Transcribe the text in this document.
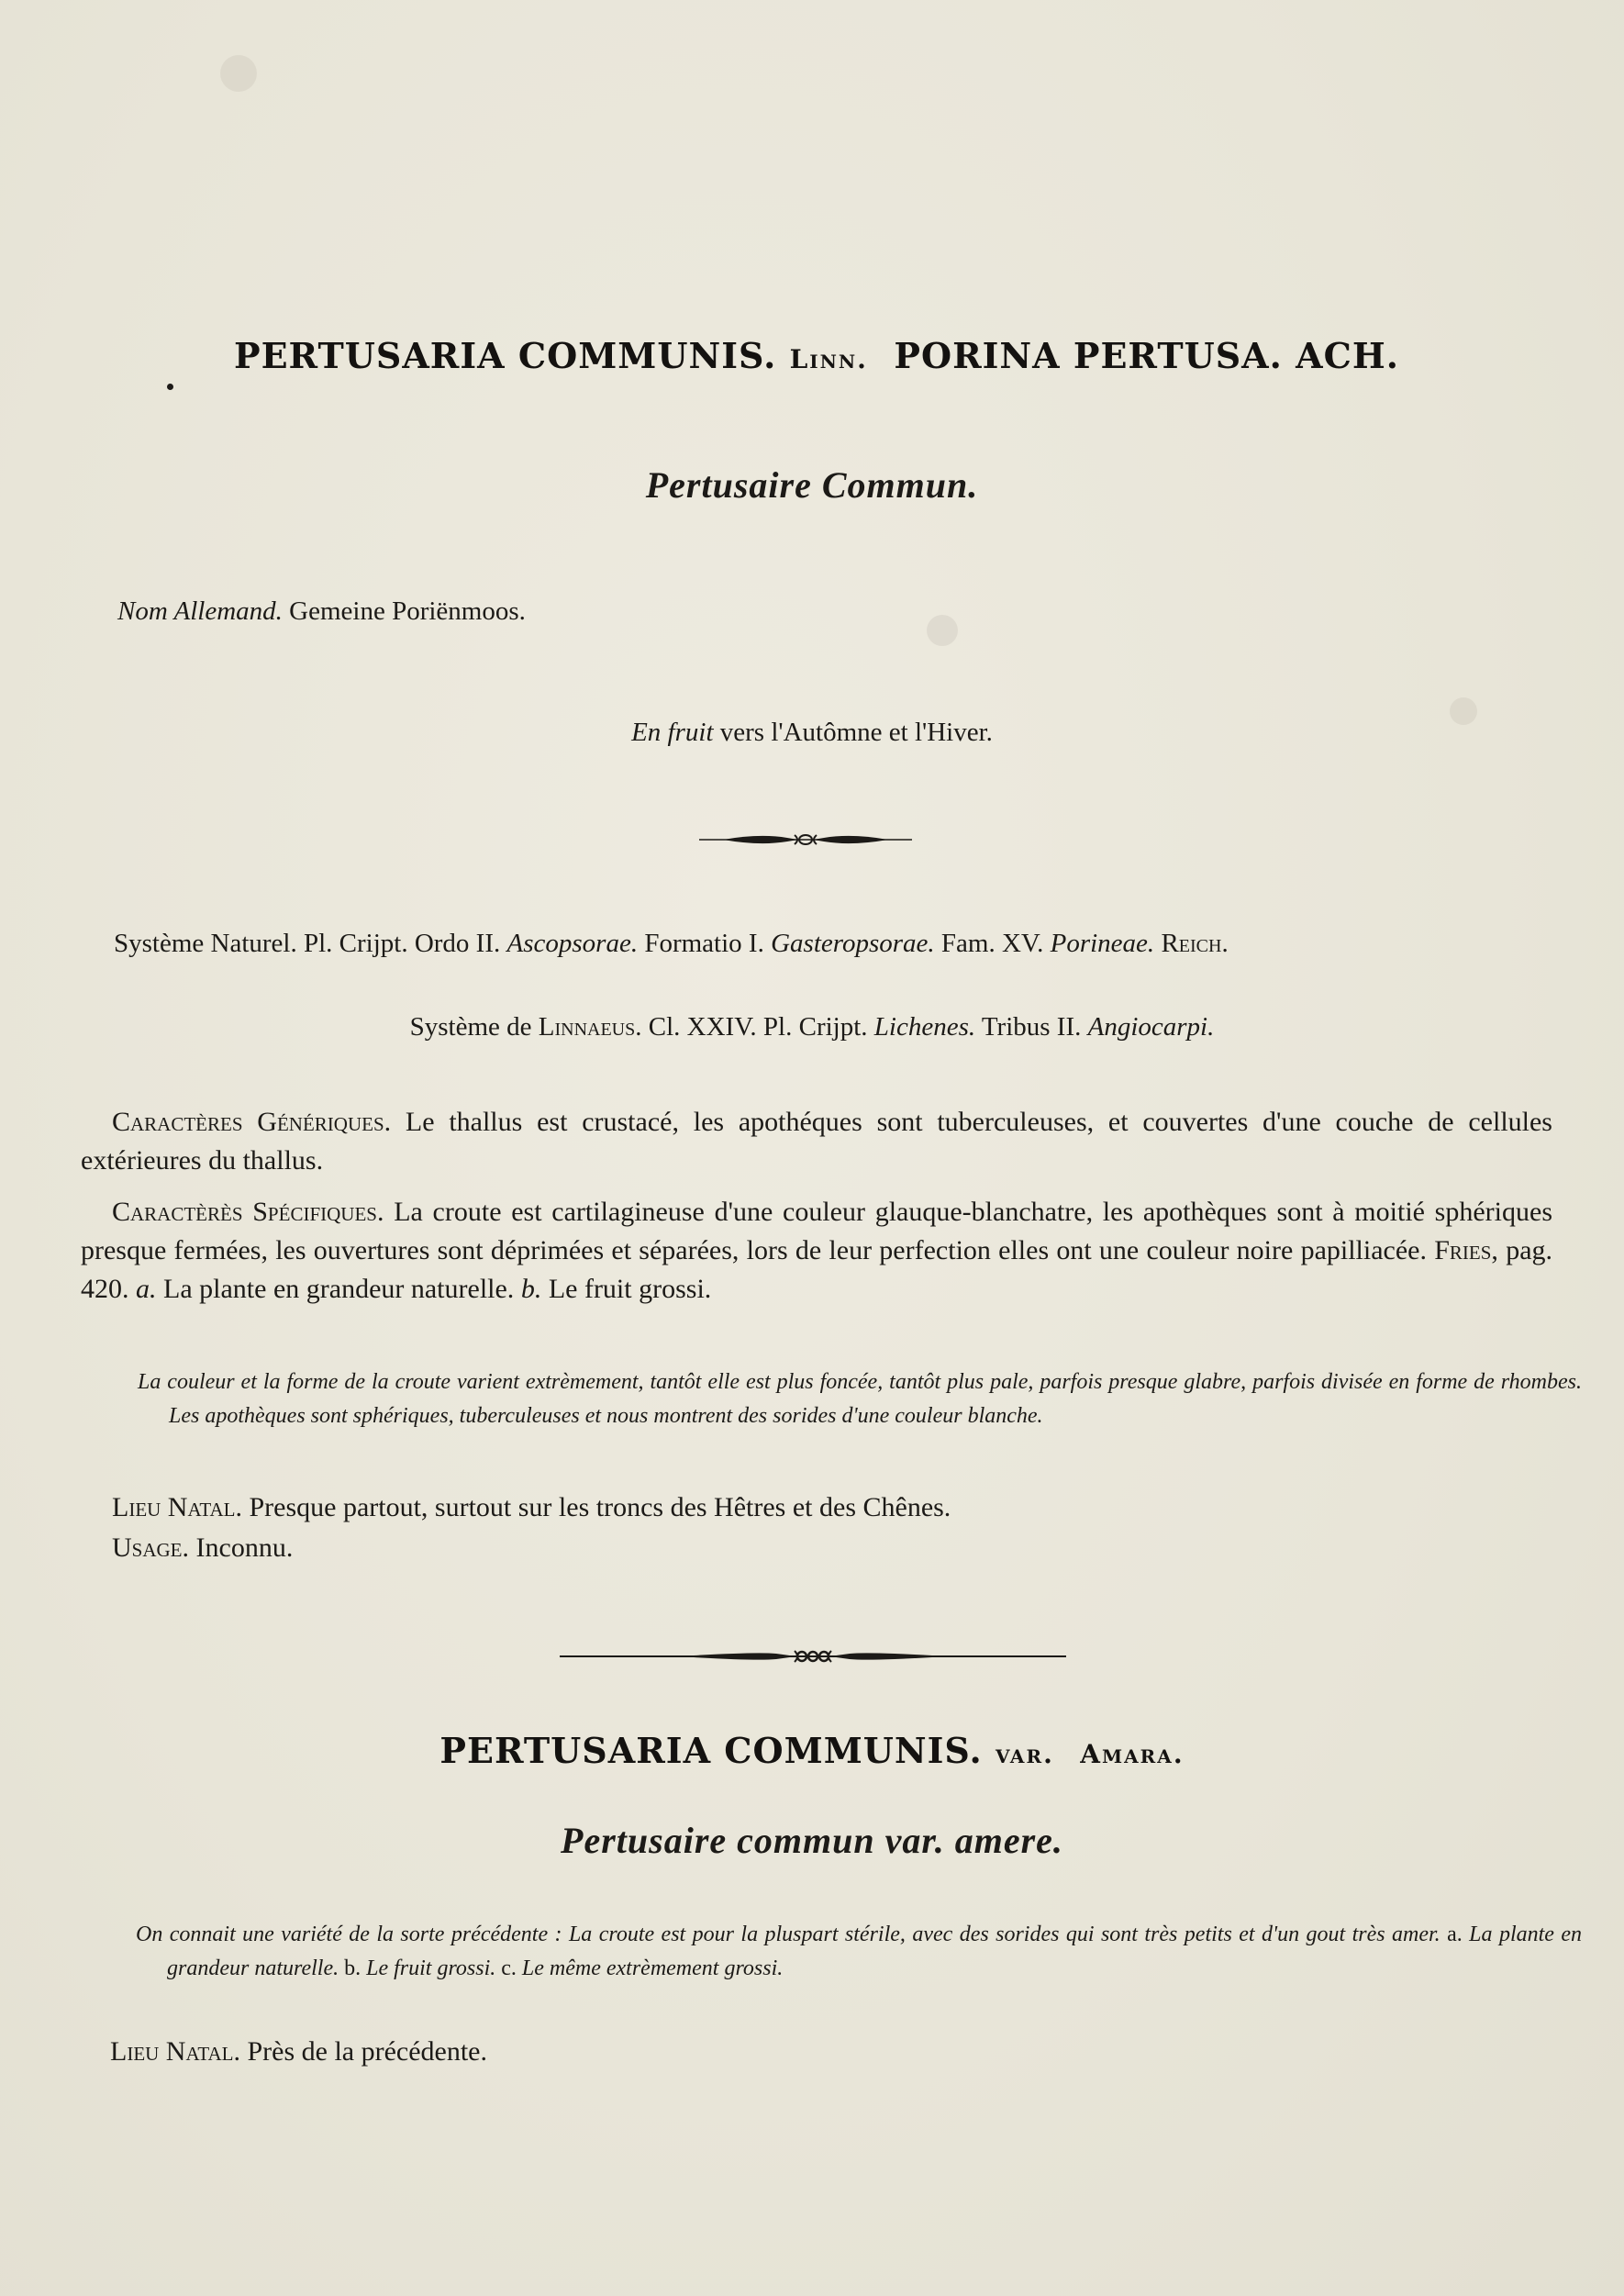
PERTUSARIA COMMUNIS. Linn. PORINA PERTUSA. ACH.
Pertusaire Commun.
Nom Allemand. Gemeine Poriënmoos.
En fruit vers l'Autômne et l'Hiver.
Système Naturel. Pl. Crijpt. Ordo II. Ascopsorae. Formatio I. Gasteropsorae. Fam. XV. Porineae. Reich.
Système de Linnaeus. Cl. XXIV. Pl. Crijpt. Lichenes. Tribus II. Angiocarpi.
Caractères Génériques. Le thallus est crustacé, les apothéques sont tuberculeuses, et couvertes d'une couche de cellules extérieures du thallus.
Caractèrès Spécifiques. La croute est cartilagineuse d'une couleur glauque-blanchatre, les apothèques sont à moitié sphériques presque fermées, les ouvertures sont déprimées et séparées, lors de leur perfection elles ont une couleur noire papilliacée. Fries, pag. 420. a. La plante en grandeur naturelle. b. Le fruit grossi.
La couleur et la forme de la croute varient extrèmement, tantôt elle est plus foncée, tantôt plus pale, parfois presque glabre, parfois divisée en forme de rhombes. Les apothèques sont sphériques, tuberculeuses et nous montrent des sorides d'une couleur blanche.
Lieu Natal. Presque partout, surtout sur les troncs des Hêtres et des Chênes.
Usage. Inconnu.
PERTUSARIA COMMUNIS. var. Amara.
Pertusaire commun var. amere.
On connait une variété de la sorte précédente : La croute est pour la pluspart stérile, avec des sorides qui sont très petits et d'un gout très amer. a. La plante en grandeur naturelle. b. Le fruit grossi. c. Le même extrèmement grossi.
Lieu Natal. Près de la précédente.
